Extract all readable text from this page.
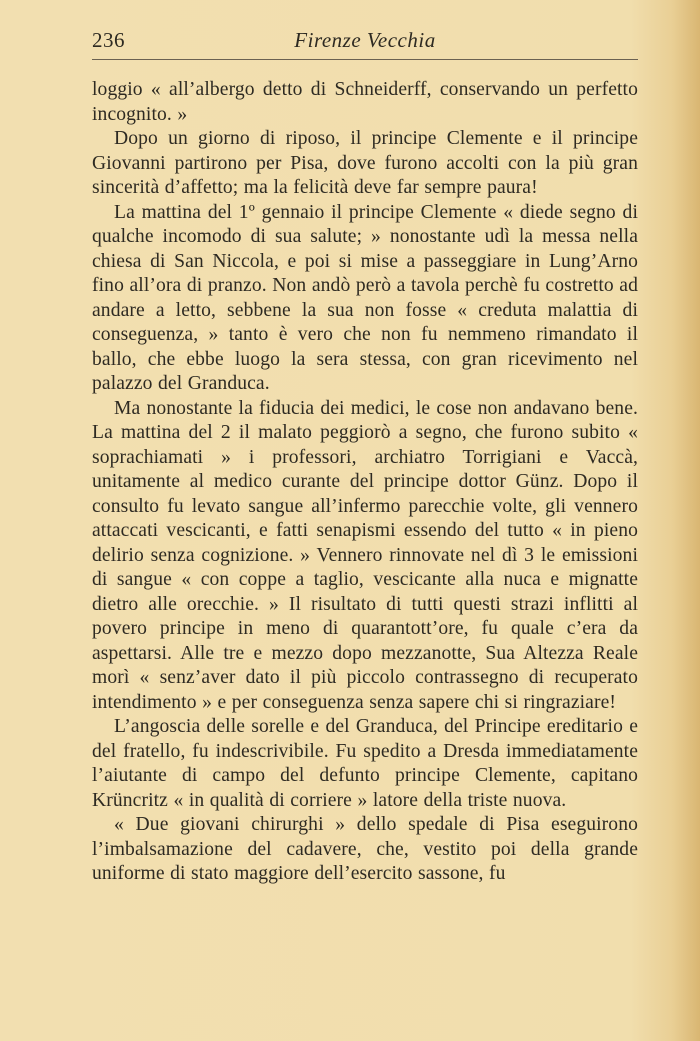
236	Firenze Vecchia

loggio « all’albergo detto di Schneiderff, conservando un perfetto incognito. »

Dopo un giorno di riposo, il principe Clemente e il principe Giovanni partirono per Pisa, dove furono accolti con la più gran sincerità d’affetto; ma la felicità deve far sempre paura!

La mattina del 1º gennaio il principe Clemente « diede segno di qualche incomodo di sua salute; » nonostante udì la messa nella chiesa di San Niccola, e poi si mise a passeggiare in Lung’Arno fino all’ora di pranzo. Non andò però a tavola perchè fu costretto ad andare a letto, sebbene la sua non fosse « creduta malattia di conseguenza, » tanto è vero che non fu nemmeno rimandato il ballo, che ebbe luogo la sera stessa, con gran ricevimento nel palazzo del Granduca.

Ma nonostante la fiducia dei medici, le cose non andavano bene. La mattina del 2 il malato peggiorò a segno, che furono subito « soprachiamati » i professori, archiatro Torrigiani e Vaccà, unitamente al medico curante del principe dottor Günz. Dopo il consulto fu levato sangue all’infermo parecchie volte, gli vennero attaccati vescicanti, e fatti senapismi essendo del tutto « in pieno delirio senza cognizione. » Vennero rinnovate nel dì 3 le emissioni di sangue « con coppe a taglio, vescicante alla nuca e mignatte dietro alle orecchie. » Il risultato di tutti questi strazi inflitti al povero principe in meno di quarantott’ore, fu quale c’era da aspettarsi. Alle tre e mezzo dopo mezzanotte, Sua Altezza Reale morì « senz’aver dato il più piccolo contrassegno di recuperato intendimento » e per conseguenza senza sapere chi si ringraziare!

L’angoscia delle sorelle e del Granduca, del Principe ereditario e del fratello, fu indescrivibile. Fu spedito a Dresda immediatamente l’aiutante di campo del defunto principe Clemente, capitano Krüncritz « in qualità di corriere » latore della triste nuova.

« Due giovani chirurghi » dello spedale di Pisa eseguirono l’imbalsamazione del cadavere, che, vestito poi della grande uniforme di stato maggiore dell’esercito sassone, fu
